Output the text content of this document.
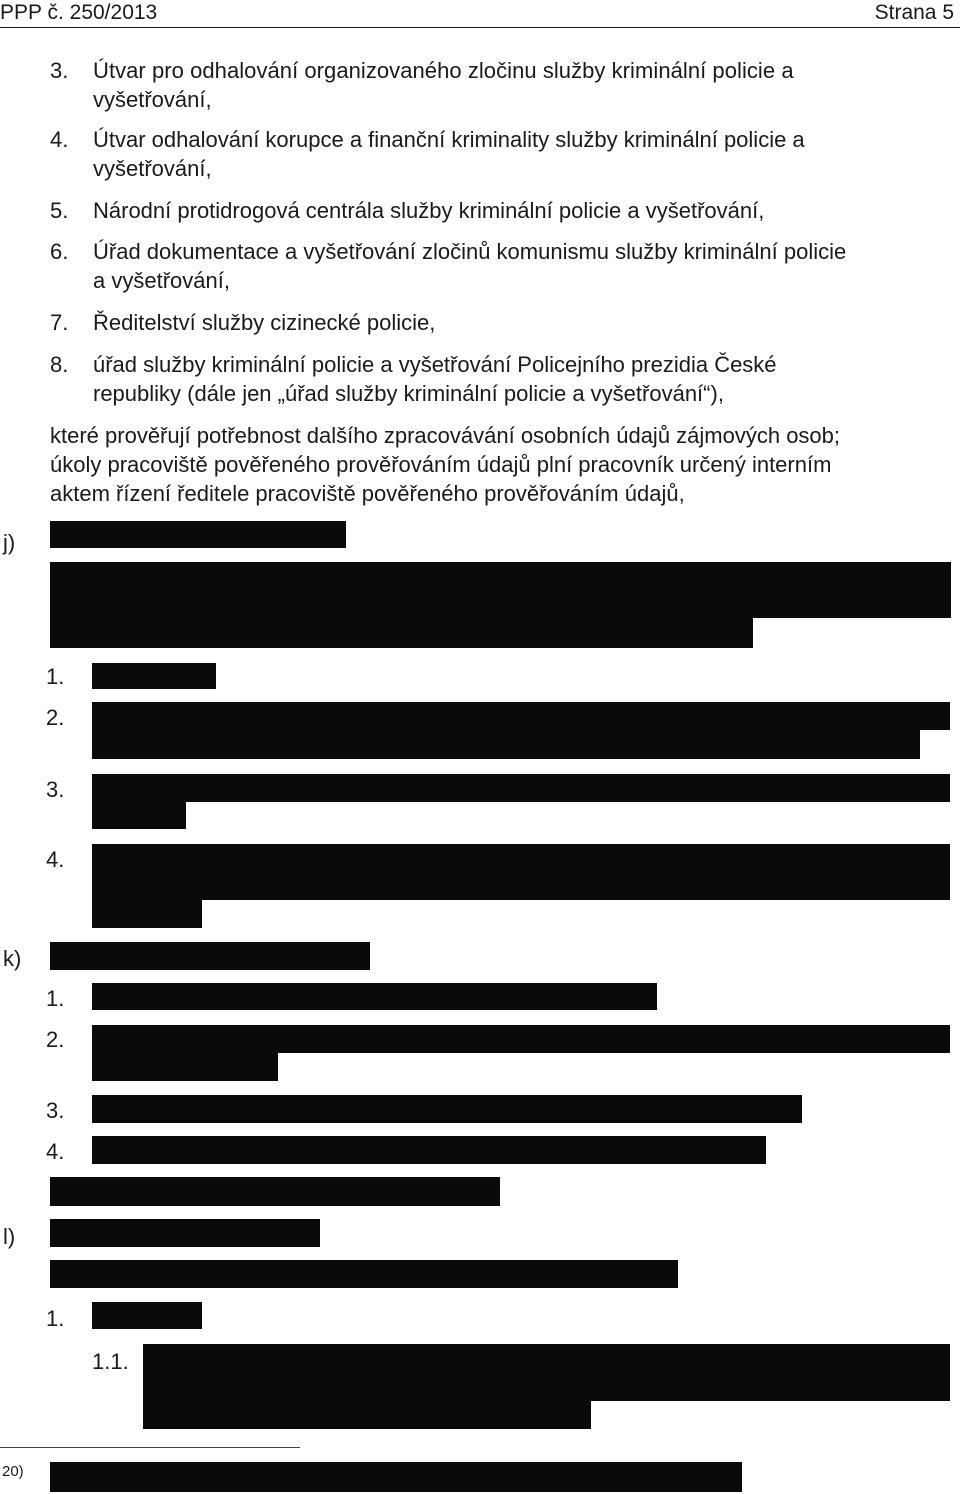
PPP č. 250/2013	Strana 5
3. Útvar pro odhalování organizovaného zločinu služby kriminální policie a
vyšetřování,
4. Útvar odhalování korupce a finanční kriminality služby kriminální policie a
vyšetřování,
5. Národní protidrogová centrála služby kriminální policie a vyšetřování,
6. Úřad dokumentace a vyšetřování zločinů komunismu služby kriminální policie
a vyšetřování,
7. Ředitelství služby cizinecké policie,
8. úřad služby kriminální policie a vyšetřování Policejního prezidia České
republiky (dále jen „úřad služby kriminální policie a vyšetřování“),
které prověřují potřebnost dalšího zpracovávání osobních údajů zájmových osob;
úkoly pracoviště pověřeného prověřováním údajů plní pracovník určený interním
aktem řízení ředitele pracoviště pověřeného prověřováním údajů,
j)
1.
2.
3.
4.
k)
1.
2.
3.
4.
l)
1.
1.1.
20)
